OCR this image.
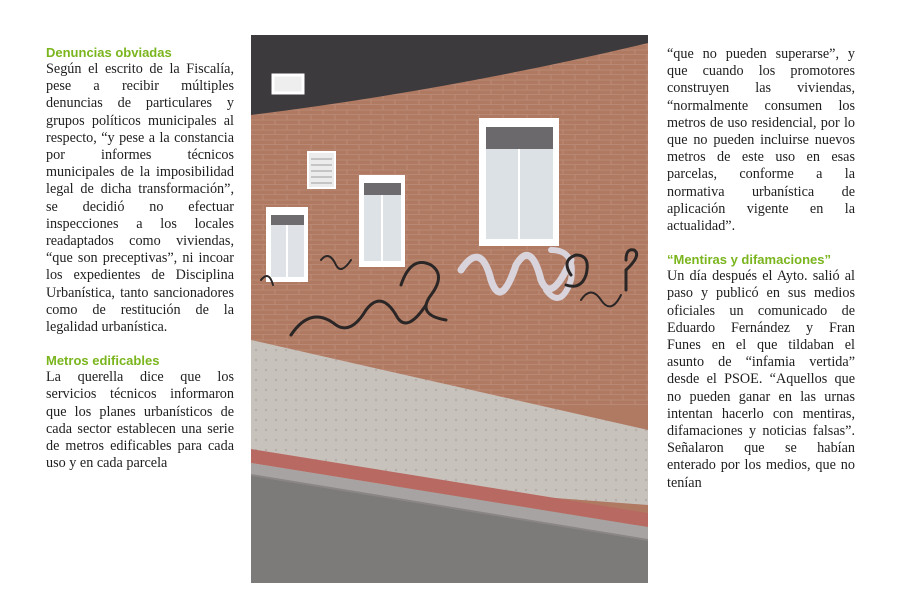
Denuncias obviadas

Según el escrito de la Fiscalía, pese a recibir múltiples denuncias de particulares y grupos políticos municipales al respecto, “y pese a la constancia por informes técnicos municipales de la imposibilidad legal de dicha transformación”, se decidió no efectuar inspecciones a los locales readaptados como viviendas, “que son preceptivas”, ni incoar los expedientes de Disciplina Urbanística, tanto sancionadores como de restitución de la legalidad urbanística.

Metros edificables

La querella dice que los servicios técnicos informaron que los planes urbanísticos de cada sector establecen una serie de metros edificables para cada uso y en cada parcela

“que no pueden superarse”, y que cuando los promotores construyen las viviendas, “normalmente consumen los metros de uso residencial, por lo que no pueden incluirse nuevos metros de este uso en esas parcelas, conforme a la normativa urbanística de aplicación vigente en la actualidad”.

“Mentiras y difamaciones”

Un día después el Ayto. salió al paso y publicó en sus medios oficiales un comunicado de Eduardo Fernández y Fran Funes en el que tildaban el asunto de “infamia vertida” desde el PSOE. “Aquellos que no pueden ganar en las urnas intentan hacerlo con mentiras, difamaciones y noticias falsas”. Señalaron que se habían enterado por los medios, que no tenían
